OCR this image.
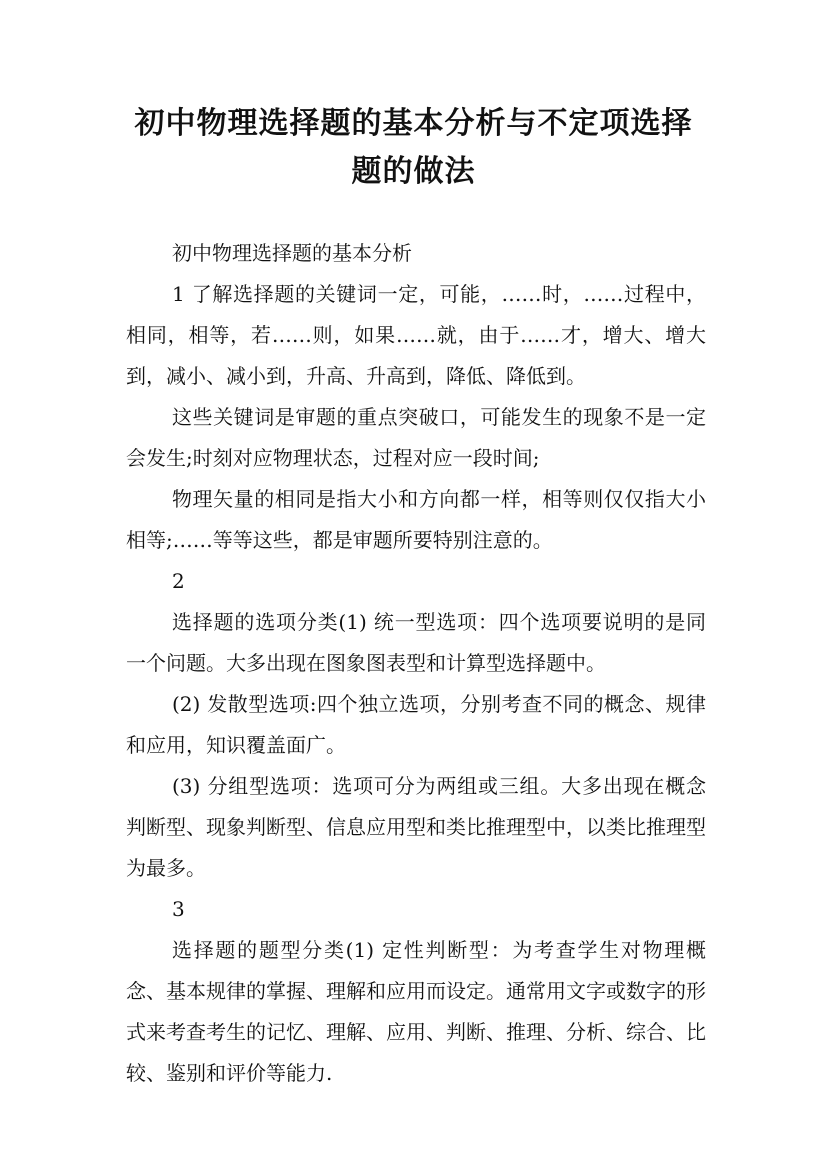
初中物理选择题的基本分析与不定项选择
题的做法

初中物理选择题的基本分析

1 了解选择题的关键词一定，可能，……时，……过程中，相同，相等，若……则，如果……就，由于……才，增大、增大到，减小、减小到，升高、升高到，降低、降低到。

这些关键词是审题的重点突破口，可能发生的现象不是一定会发生;时刻对应物理状态，过程对应一段时间;

物理矢量的相同是指大小和方向都一样，相等则仅仅指大小相等;……等等这些，都是审题所要特别注意的。

2

选择题的选项分类(1) 统一型选项：四个选项要说明的是同一个问题。大多出现在图象图表型和计算型选择题中。

(2) 发散型选项:四个独立选项，分别考查不同的概念、规律和应用，知识覆盖面广。

(3) 分组型选项：选项可分为两组或三组。大多出现在概念判断型、现象判断型、信息应用型和类比推理型中，以类比推理型为最多。

3

选择题的题型分类(1) 定性判断型：为考查学生对物理概念、基本规律的掌握、理解和应用而设定。通常用文字或数字的形式来考查考生的记忆、理解、应用、判断、推理、分析、综合、比较、鉴别和评价等能力.
